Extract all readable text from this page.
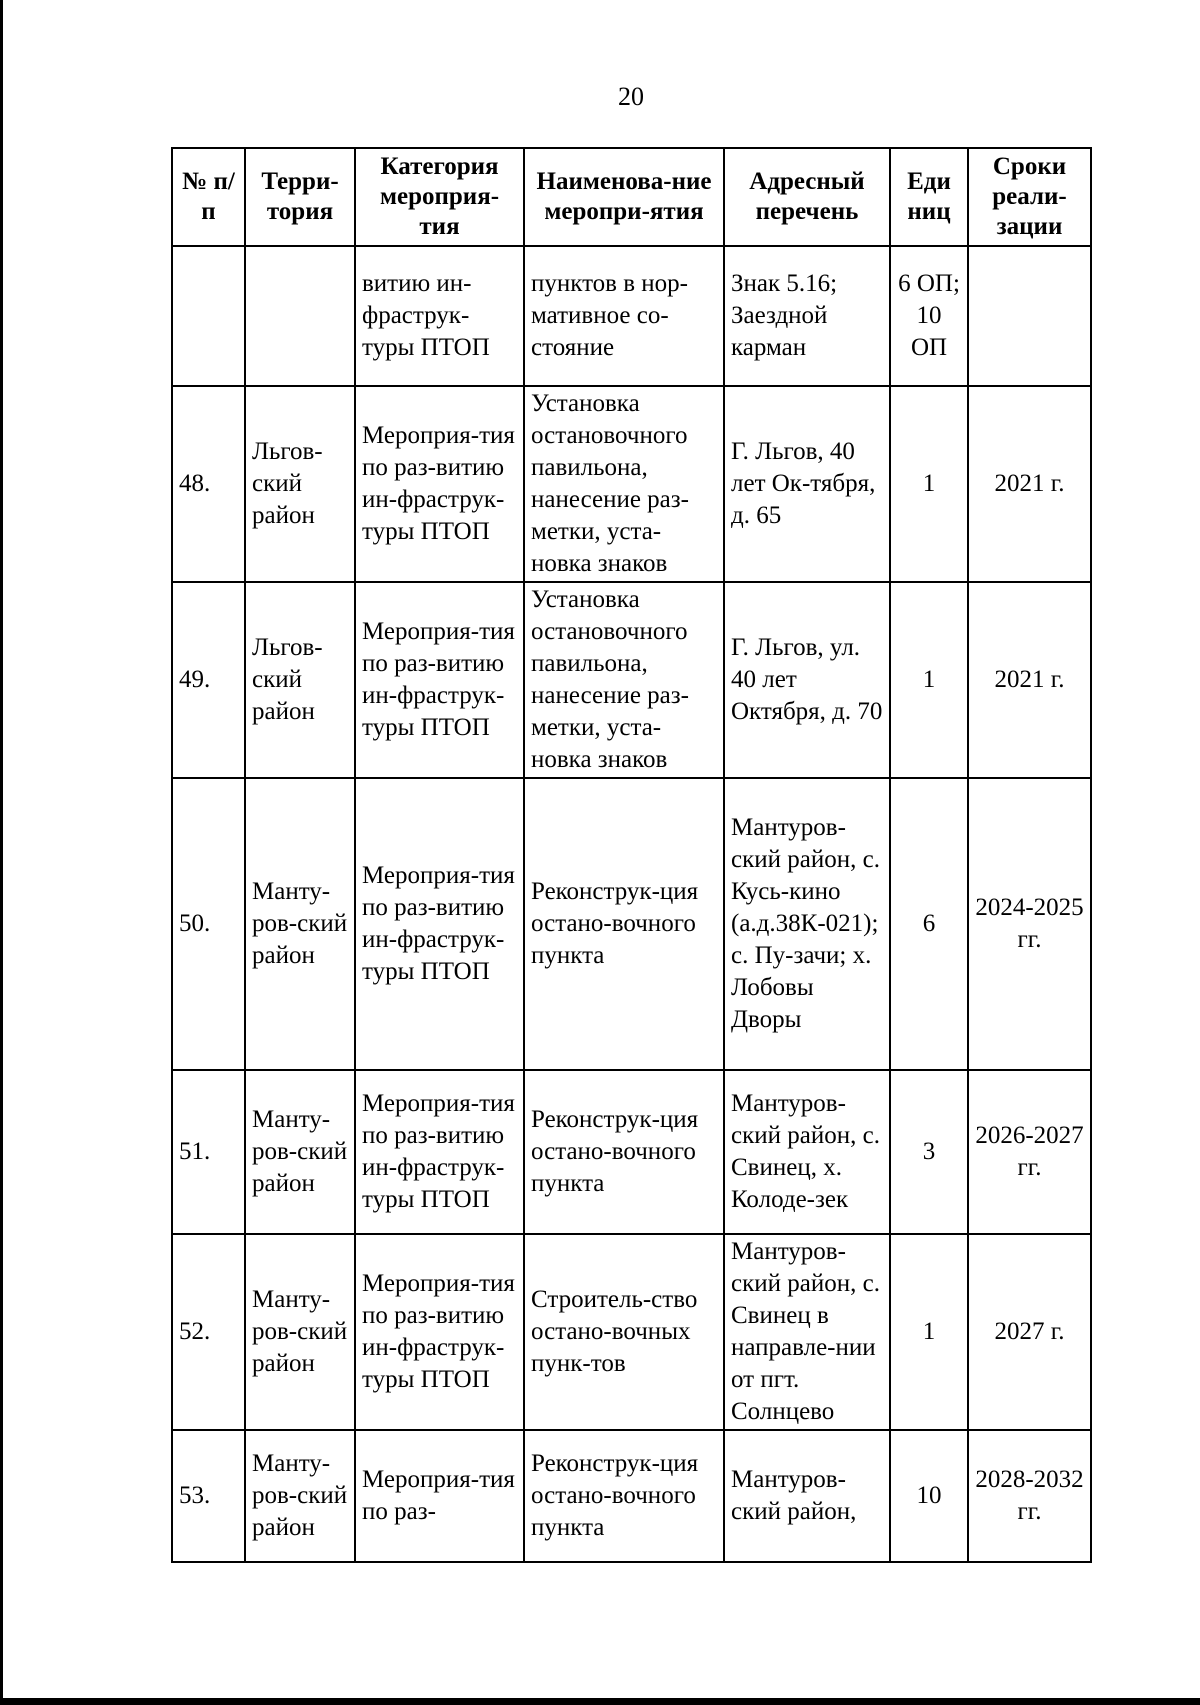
20
№ п/п	Терри-тория	Категория мероприя-тия	Наименова-ние меропри-ятия	Адресный перечень	Еди ниц	Сроки реали-зации
		витию ин-фраструк-туры ПТОП	пунктов в нор-мативное со-стояние	Знак 5.16; Заездной карман	6 ОП; 10 ОП	
48.	Льгов-ский район	Мероприя-тия по раз-витию ин-фраструк-туры ПТОП	Установка остановочного павильона, нанесение раз-метки, уста-новка знаков	Г. Льгов, 40 лет Ок-тября, д. 65	1	2021 г.
49.	Льгов-ский район	Мероприя-тия по раз-витию ин-фраструк-туры ПТОП	Установка остановочного павильона, нанесение раз-метки, уста-новка знаков	Г. Льгов, ул. 40 лет Октября, д. 70	1	2021 г.
50.	Манту-ров-ский район	Мероприя-тия по раз-витию ин-фраструк-туры ПТОП	Реконструк-ция остано-вочного пункта	Мантуров-ский район, с. Кусь-кино (а.д.38К-021); с. Пу-зачи; х. Лобовы Дворы	6	2024-2025 гг.
51.	Манту-ров-ский район	Мероприя-тия по раз-витию ин-фраструк-туры ПТОП	Реконструк-ция остано-вочного пункта	Мантуров-ский район, с. Свинец, х. Колоде-зек	3	2026-2027 гг.
52.	Манту-ров-ский район	Мероприя-тия по раз-витию ин-фраструк-туры ПТОП	Строитель-ство остано-вочных пунк-тов	Мантуров-ский район, с. Свинец в направле-нии от пгт. Солнцево	1	2027 г.
53.	Манту-ров-ский район	Мероприя-тия по раз-	Реконструк-ция остано-вочного пункта	Мантуров-ский район,	10	2028-2032 гг.
